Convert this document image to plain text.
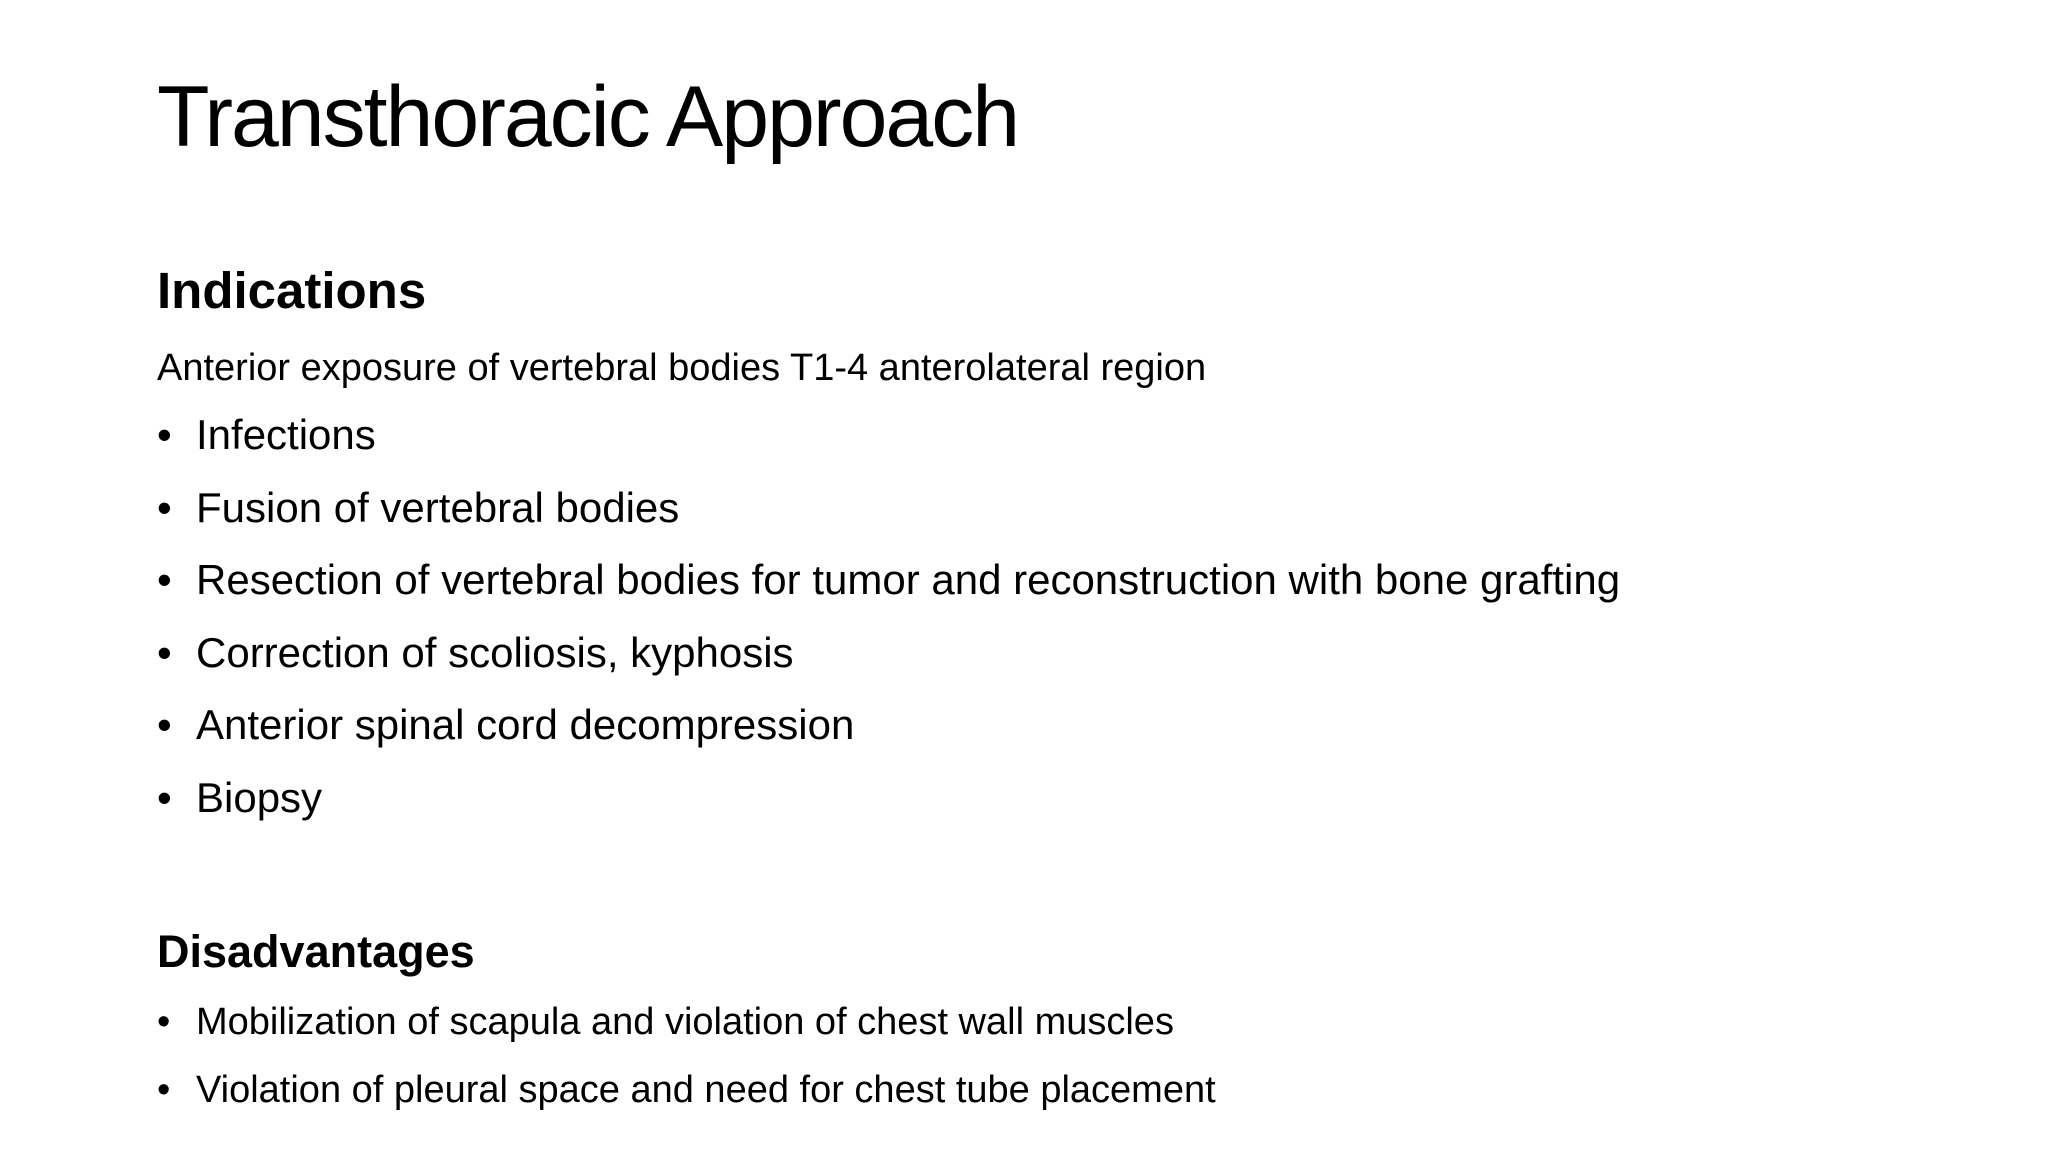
Transthoracic Approach
Indications

Anterior exposure of vertebral bodies T1-4 anterolateral region

• Infections
• Fusion of vertebral bodies
• Resection of vertebral bodies for tumor and reconstruction with bone grafting
• Correction of scoliosis, kyphosis
• Anterior spinal cord decompression
• Biopsy
Disadvantages
• Mobilization of scapula and violation of chest wall muscles
• Violation of pleural space and need for chest tube placement
